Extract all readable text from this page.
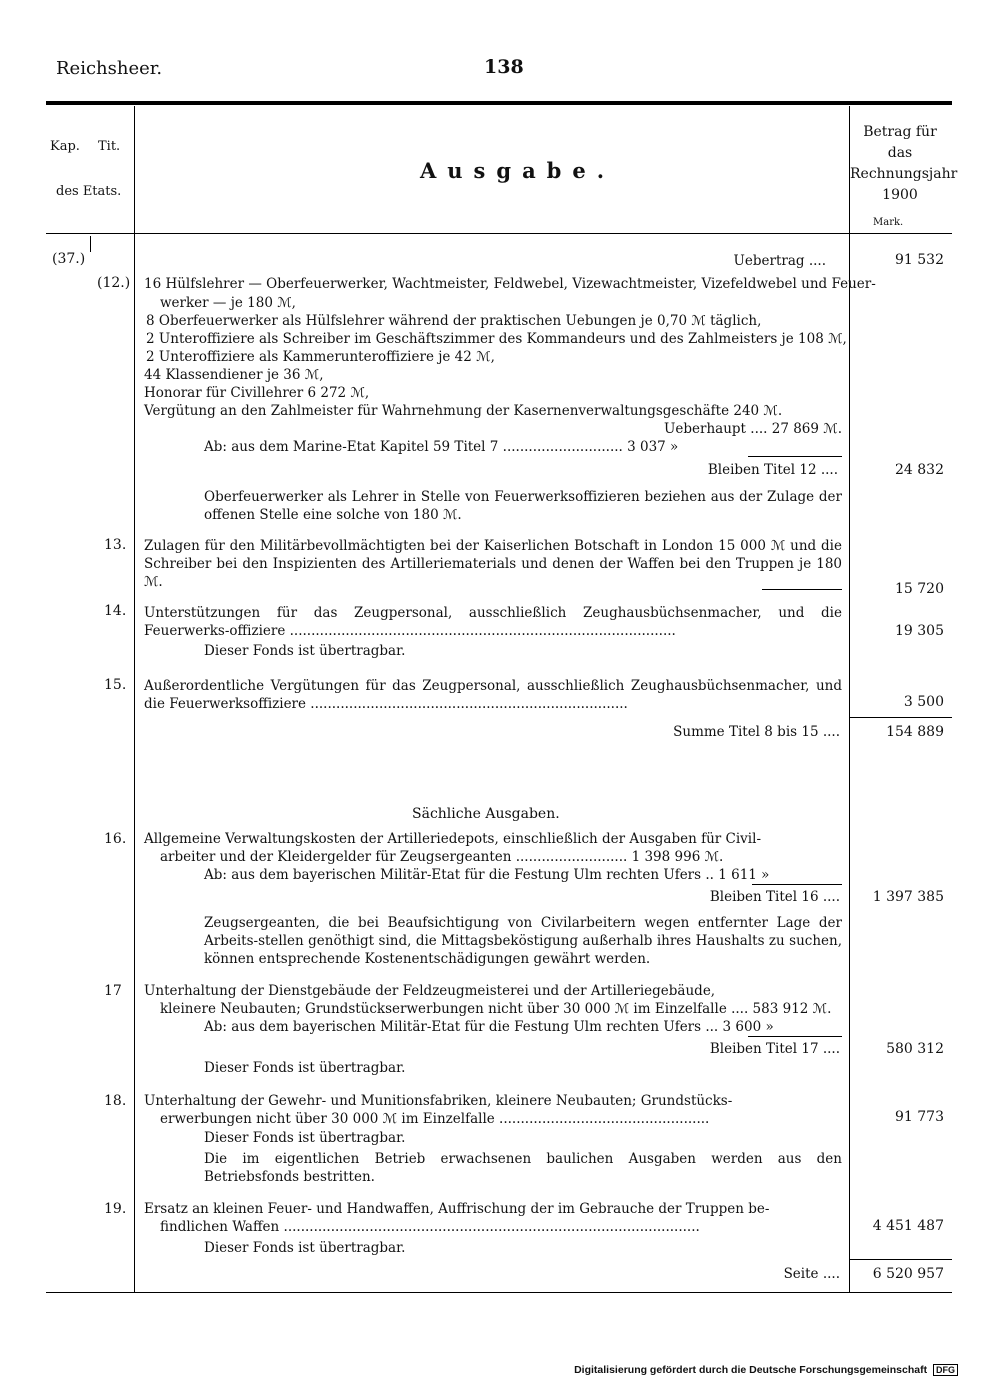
Reichsheer.	138
Kap. Tit.
des Etats.
Ausgabe.
Betrag für das Rechnungsjahr 1900
Mark.
(37.)	Uebertrag ....	91 532
(12.) 16 Hülfslehrer — Oberfeuerwerker, Wachtmeister, Feldwebel, Vizewachtmeister, Vizefeldwebel und Feuer-
werker — je 180 ℳ,
8 Oberfeuerwerker als Hülfslehrer während der praktischen Uebungen je 0,70 ℳ täglich,
2 Unteroffiziere als Schreiber im Geschäftszimmer des Kommandeurs und des Zahlmeisters je 108 ℳ,
2 Unteroffiziere als Kammerunteroffiziere je 42 ℳ,
44 Klassendiener je 36 ℳ,
Honorar für Civillehrer 6 272 ℳ,
Vergütung an den Zahlmeister für Wahrnehmung der Kasernenverwaltungsgeschäfte 240 ℳ.
Ueberhaupt .... 27 869 ℳ.
Ab: aus dem Marine-Etat Kapitel 59 Titel 7 ............................ 3 037 »
Bleiben Titel 12 ....	24 832
Oberfeuerwerker als Lehrer in Stelle von Feuerwerksoffizieren beziehen aus der Zulage der offenen Stelle eine solche von 180 ℳ.
13. Zulagen für den Militärbevollmächtigten bei der Kaiserlichen Botschaft in London 15 000 ℳ und die Schreiber bei den Inspizienten des Artilleriematerials und denen der Waffen bei den Truppen je 180 ℳ.	15 720
14. Unterstützungen für das Zeugpersonal, ausschließlich Zeughausbüchsenmacher, und die Feuerwerks-offiziere ..........................................................................................	19 305
Dieser Fonds ist übertragbar.
15. Außerordentliche Vergütungen für das Zeugpersonal, ausschließlich Zeughausbüchsenmacher, und die Feuerwerksoffiziere ..........................................................................	3 500
Summe Titel 8 bis 15 ....	154 889
Sächliche Ausgaben.
16. Allgemeine Verwaltungskosten der Artilleriedepots, einschließlich der Ausgaben für Civil-
arbeiter und der Kleidergelder für Zeugsergeanten .......................... 1 398 996 ℳ.
Ab: aus dem bayerischen Militär-Etat für die Festung Ulm rechten Ufers .. 1 611 »
Bleiben Titel 16 ....	1 397 385
Zeugsergeanten, die bei Beaufsichtigung von Civilarbeitern wegen entfernter Lage der Arbeits-stellen genöthigt sind, die Mittagsbeköstigung außerhalb ihres Haushalts zu suchen, können entsprechende Kostenentschädigungen gewährt werden.
17 Unterhaltung der Dienstgebäude der Feldzeugmeisterei und der Artilleriegebäude,
kleinere Neubauten; Grundstückserwerbungen nicht über 30 000 ℳ im Einzelfalle .... 583 912 ℳ.
Ab: aus dem bayerischen Militär-Etat für die Festung Ulm rechten Ufers ... 3 600 »
Bleiben Titel 17 ....	580 312
Dieser Fonds ist übertragbar.
18. Unterhaltung der Gewehr- und Munitionsfabriken, kleinere Neubauten; Grundstücks-
erwerbungen nicht über 30 000 ℳ im Einzelfalle .................................................	91 773
Dieser Fonds ist übertragbar.
Die im eigentlichen Betrieb erwachsenen baulichen Ausgaben werden aus den Betriebsfonds bestritten.
19. Ersatz an kleinen Feuer- und Handwaffen, Auffrischung der im Gebrauche der Truppen be-
findlichen Waffen .................................................................................................	4 451 487
Dieser Fonds ist übertragbar.
Seite ....	6 520 957
Digitalisierung gefördert durch die Deutsche Forschungsgemeinschaft DFG
